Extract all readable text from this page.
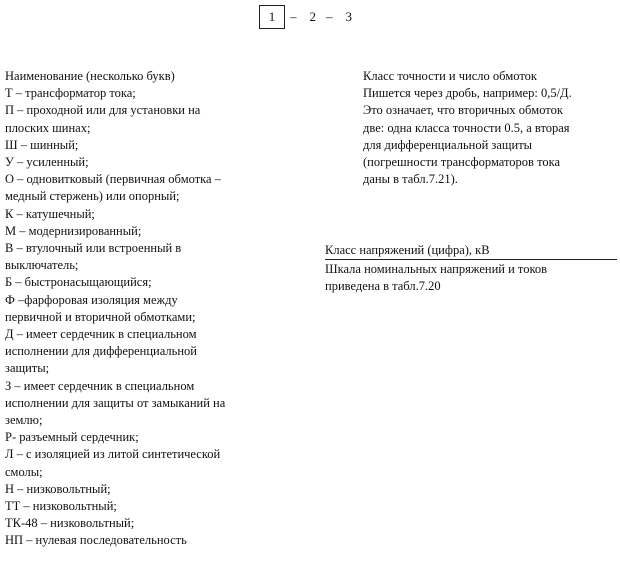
1	–	2 –	3
Наименование (несколько букв)
Т – трансформатор тока;
П – проходной или для установки на
плоских шинах;
Ш – шинный;
У – усиленный;
О – одновитковый (первичная обмотка –
медный стержень) или опорный;
К – катушечный;
М – модернизированный;
В – втулочный или встроенный в
выключатель;
Б – быстронасыщающийся;
Ф –фарфоровая изоляция между
первичной и вторичной обмотками;
Д – имеет сердечник в специальном
исполнении для дифференциальной
защиты;
З – имеет сердечник в специальном
исполнении для защиты от замыканий на
землю;
Р- разъемный сердечник;
Л – с изоляцией из литой синтетической
смолы;
Н – низковольтный;
ТТ – низковольтный;
ТК-48 – низковольтный;
НП – нулевая последовательность
Класс точности и число обмоток
Пишется через дробь, например: 0,5/Д.
Это означает, что вторичных обмоток
две: одна класса точности 0.5, а вторая
для дифференциальной защиты
(погрешности трансформаторов тока
даны в табл.7.21).
Класс напряжений (цифра), кВ
Шкала номинальных напряжений и токов
приведена в табл.7.20
